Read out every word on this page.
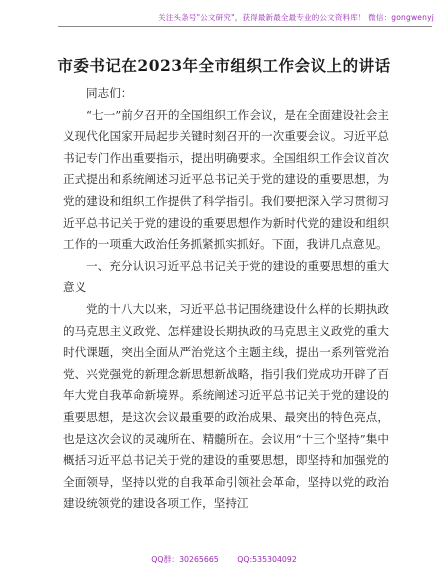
关注头条号"公文研究"，获得最新最全最专业的公文资料库！ 微信：gongwenyj
市委书记在2023年全市组织工作会议上的讲话

同志们：

“七一”前夕召开的全国组织工作会议，是在全面建设社会主义现代化国家开局起步关键时刻召开的一次重要会议。习近平总书记专门作出重要指示，提出明确要求。全国组织工作会议首次正式提出和系统阐述习近平总书记关于党的建设的重要思想，为党的建设和组织工作提供了科学指引。我们要把深入学习贯彻习近平总书记关于党的建设的重要思想作为新时代党的建设和组织工作的一项重大政治任务抓紧抓实抓好。下面，我讲几点意见。

一、充分认识习近平总书记关于党的建设的重要思想的重大意义

党的十八大以来，习近平总书记围绕建设什么样的长期执政的马克思主义政党、怎样建设长期执政的马克思主义政党的重大时代课题，突出全面从严治党这个主题主线，提出一系列管党治党、兴党强党的新理念新思想新战略，指引我们党成功开辟了百年大党自我革命新境界。系统阐述习近平总书记关于党的建设的重要思想，是这次会议最重要的政治成果、最突出的特色亮点，也是这次会议的灵魂所在、精髓所在。会议用“十三个坚持”集中概括习近平总书记关于党的建设的重要思想，即坚持和加强党的全面领导，坚持以党的自我革命引领社会革命，坚持以党的政治建设统领党的建设各项工作，坚持江

QQ群：30265665 QQ:535304092
